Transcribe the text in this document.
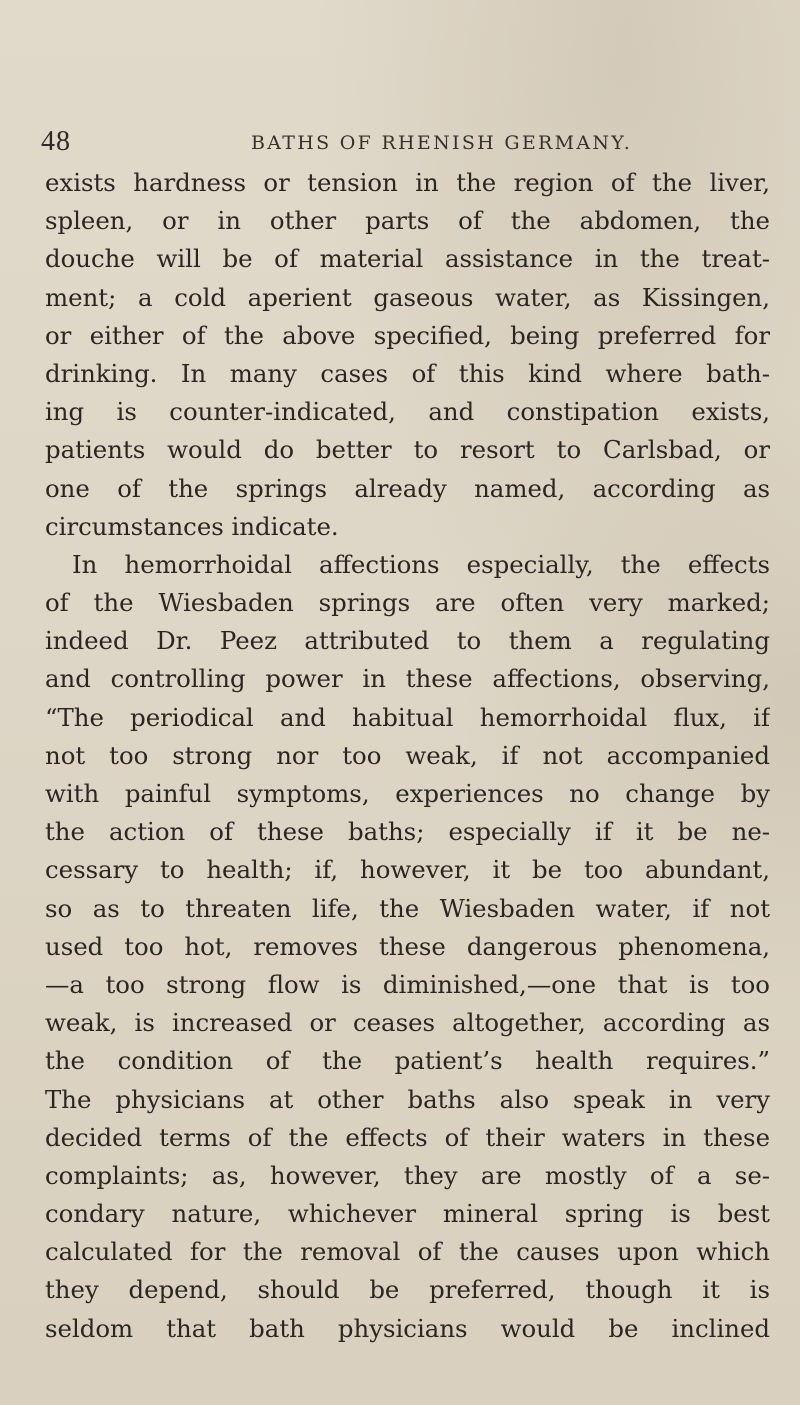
48	BATHS OF RHENISH GERMANY.
exists hardness or tension in the region of the liver,
spleen, or in other parts of the abdomen, the
douche will be of material assistance in the treat-
ment; a cold aperient gaseous water, as Kissingen,
or either of the above specified, being preferred for
drinking. In many cases of this kind where bath-
ing is counter-indicated, and constipation exists,
patients would do better to resort to Carlsbad, or
one of the springs already named, according as
circumstances indicate.
In hemorrhoidal affections especially, the effects
of the Wiesbaden springs are often very marked;
indeed Dr. Peez attributed to them a regulating
and controlling power in these affections, observing,
“The periodical and habitual hemorrhoidal flux, if
not too strong nor too weak, if not accompanied
with painful symptoms, experiences no change by
the action of these baths; especially if it be ne-
cessary to health; if, however, it be too abundant,
so as to threaten life, the Wiesbaden water, if not
used too hot, removes these dangerous phenomena,
—a too strong flow is diminished,—one that is too
weak, is increased or ceases altogether, according as
the condition of the patient’s health requires.”
The physicians at other baths also speak in very
decided terms of the effects of their waters in these
complaints; as, however, they are mostly of a se-
condary nature, whichever mineral spring is best
calculated for the removal of the causes upon which
they depend, should be preferred, though it is
seldom that bath physicians would be inclined
